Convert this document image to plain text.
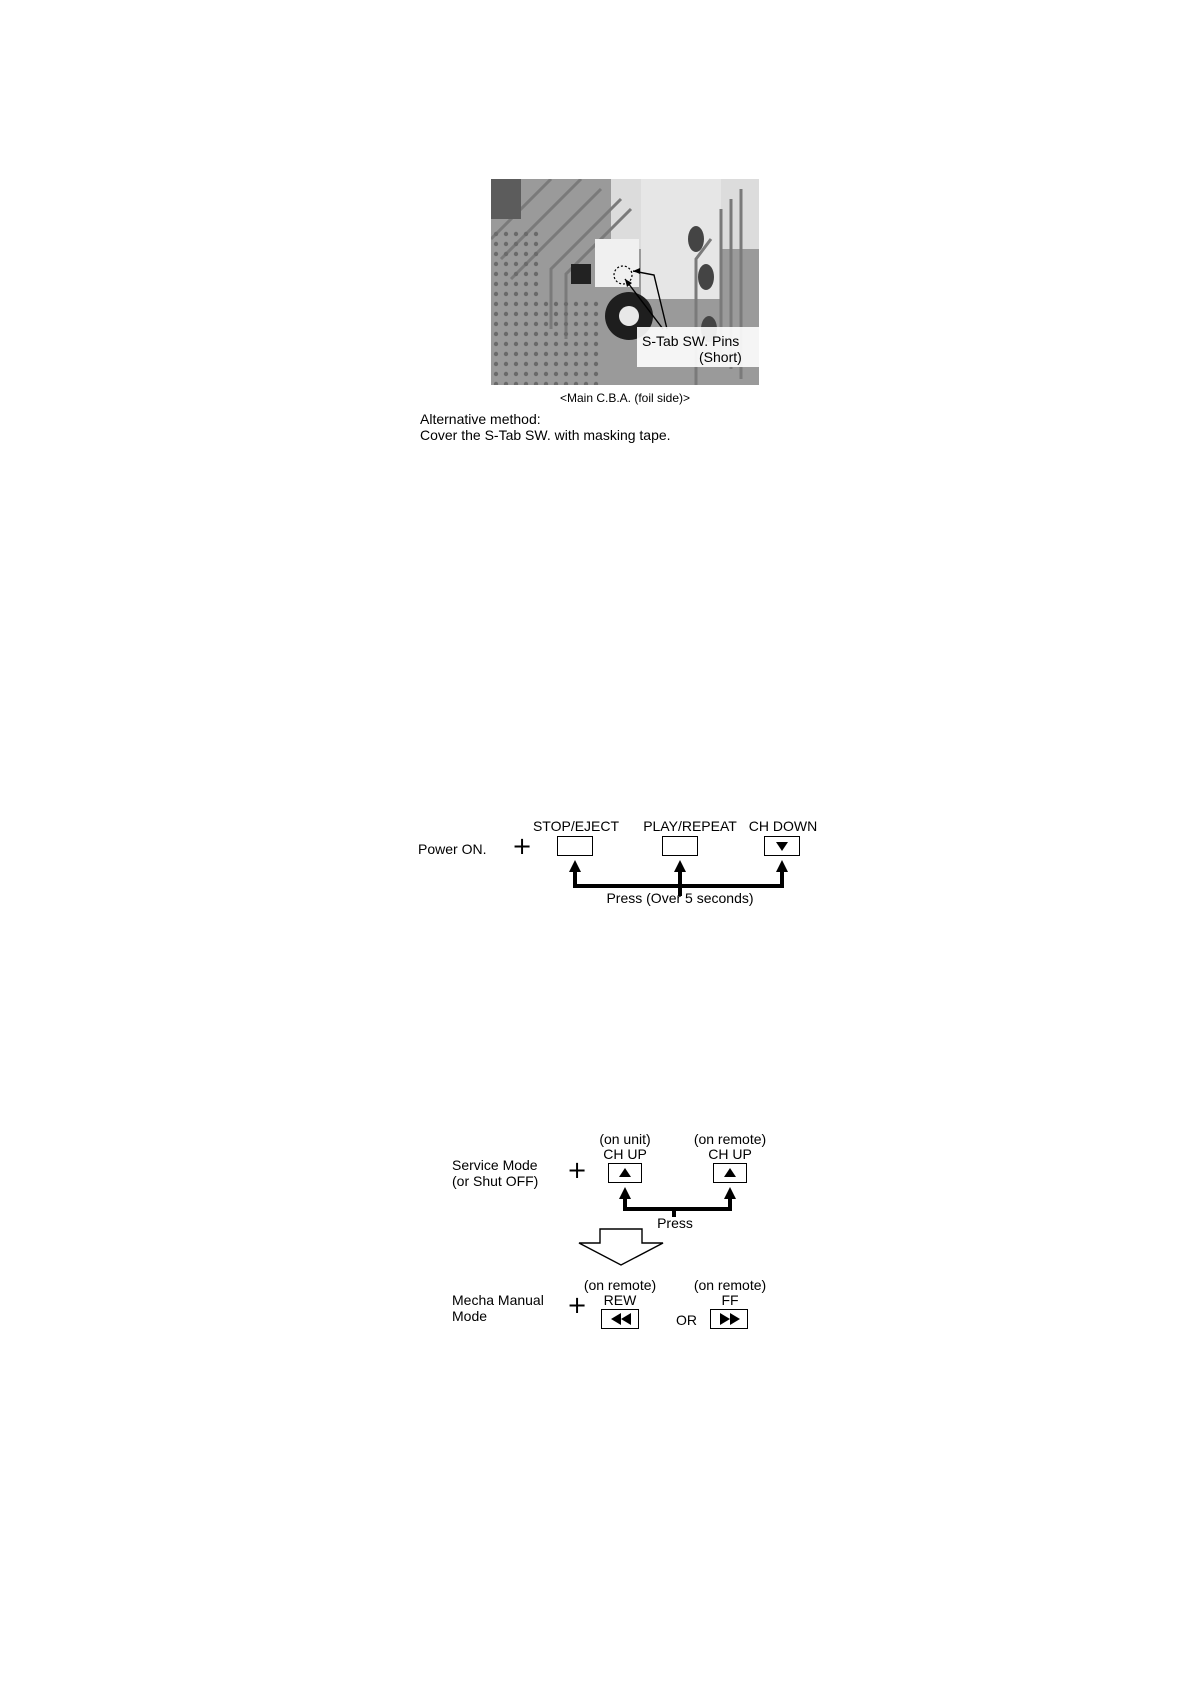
S-Tab SW. Pins
(Short)
<Main C.B.A. (foil side)>
Alternative method:
Cover the S-Tab SW. with masking tape.
Power ON. +
STOP/EJECT	PLAY/REPEAT CH DOWN
Press (Over 5 seconds)
Service Mode
(or Shut OFF) +
(on unit)
CH UP
(on remote)
CH UP
Press
Mecha Manual
Mode	+
(on remote)
REW
(on remote)
FF
OR
